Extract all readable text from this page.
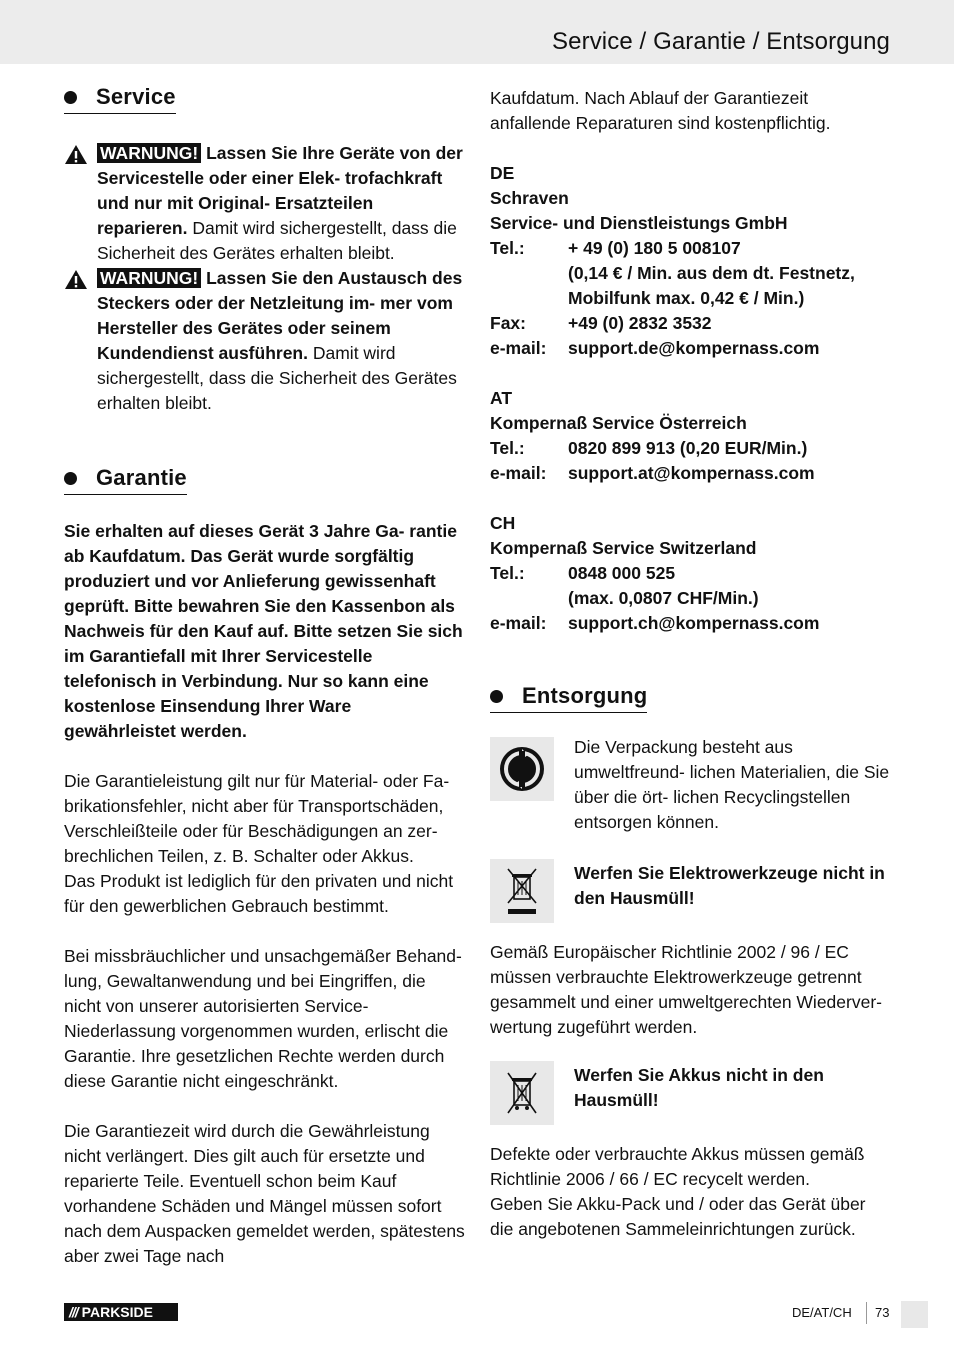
Service / Garantie / Entsorgung
Service

WARNUNG! Lassen Sie Ihre Geräte von der Servicestelle oder einer Elek- trofachkraft und nur mit Original- Ersatzteilen reparieren. Damit wird sichergestellt, dass die Sicherheit des Gerätes erhalten bleibt.

WARNUNG! Lassen Sie den Austausch des Steckers oder der Netzleitung im- mer vom Hersteller des Gerätes oder seinem Kundendienst ausführen. Damit wird sichergestellt, dass die Sicherheit des Gerätes erhalten bleibt.

Garantie

Sie erhalten auf dieses Gerät 3 Jahre Ga- rantie ab Kaufdatum. Das Gerät wurde sorgfältig produziert und vor Anlieferung gewissenhaft geprüft. Bitte bewahren Sie den Kassenbon als Nachweis für den Kauf auf. Bitte setzen Sie sich im Garantiefall mit Ihrer Servicestelle telefonisch in Verbindung. Nur so kann eine kostenlose Einsendung Ihrer Ware gewährleistet werden.

Die Garantieleistung gilt nur für Material- oder Fa- brikationsfehler, nicht aber für Transportschäden, Verschleißteile oder für Beschädigungen an zer- brechlichen Teilen, z. B. Schalter oder Akkus.

Das Produkt ist lediglich für den privaten und nicht für den gewerblichen Gebrauch bestimmt.

Bei missbräuchlicher und unsachgemäßer Behand- lung, Gewaltanwendung und bei Eingriffen, die nicht von unserer autorisierten Service-Niederlassung vorgenommen wurden, erlischt die Garantie. Ihre gesetzlichen Rechte werden durch diese Garantie nicht eingeschränkt.

Die Garantiezeit wird durch die Gewährleistung nicht verlängert. Dies gilt auch für ersetzte und reparierte Teile. Eventuell schon beim Kauf vorhandene Schäden und Mängel müssen sofort nach dem Auspacken gemeldet werden, spätestens aber zwei Tage nach

Kaufdatum. Nach Ablauf der Garantiezeit anfallende Reparaturen sind kostenpflichtig.

DE
Schraven
Service- und Dienstleistungs GmbH
Tel.:	+ 49 (0) 180 5 008107
	(0,14 € / Min. aus dem dt. Festnetz,
	Mobilfunk max. 0,42 € / Min.)
Fax:	+49 (0) 2832 3532
e-mail:	support.de@kompernass.com
AT
Kompernaß Service Österreich
Tel.:	0820 899 913 (0,20 EUR/Min.)
e-mail:	support.at@kompernass.com
CH
Kompernaß Service Switzerland
Tel.:	0848 000 525
	(max. 0,0807 CHF/Min.)
e-mail:	support.ch@kompernass.com
Entsorgung

Die Verpackung besteht aus umweltfreund- lichen Materialien, die Sie über die ört- lichen Recyclingstellen entsorgen können.

Werfen Sie Elektrowerkzeuge nicht in den Hausmüll!

Gemäß Europäischer Richtlinie 2002 / 96 / EC müssen verbrauchte Elektrowerkzeuge getrennt gesammelt und einer umweltgerechten Wiederver- wertung zugeführt werden.

Werfen Sie Akkus nicht in den Hausmüll!

Defekte oder verbrauchte Akkus müssen gemäß Richtlinie 2006 / 66 / EC recycelt werden.

Geben Sie Akku-Pack und / oder das Gerät über die angebotenen Sammeleinrichtungen zurück.

/// PARKSIDE	DE/AT/CH 73
